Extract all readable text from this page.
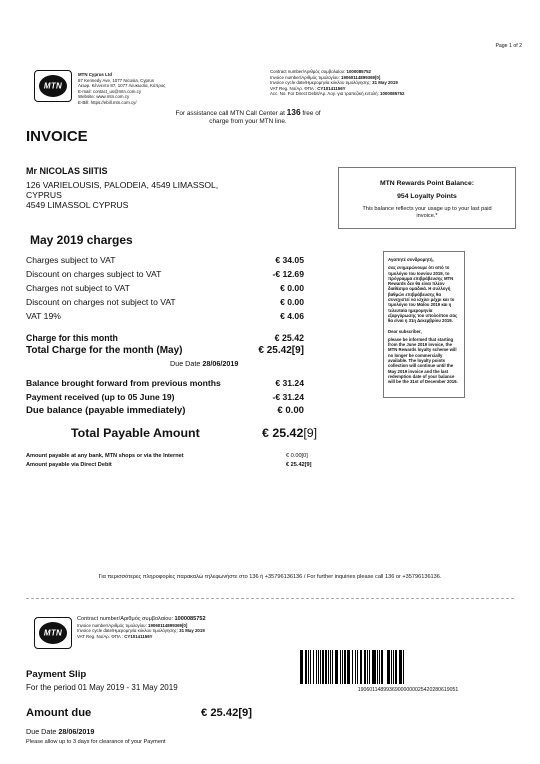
Page 1 of 2
MTN
MTN Cyprus Ltd
87 Kennedy Ave, 1077 Nicosia, Cyprus
Λεωφ. Κέννεντυ 87, 1077 Λευκωσία, Κύπρος
E-mail: contact_us@mtn.com.cy
Website: www.mtn.com.cy
E-Bill: https://ebill.mtn.com.cy/
Contract number/Αριθμός συμβολαίου: 1000085752
Invoice number/Αριθμός τιμολογίου: 19060114899369[0]
Invoice cycle date/Ημερομηνία κύκλου τιμολόγησης: 31 May 2019
VAT Reg. No/Αρ. ΦΠΑ : CY10141156Y
Acc. No. For Direct Debit/Αρ. Λογ. για τραπεζική εντολή: 1000085752
For assistance call MTN Call Center at 136 free of charge from your MTN line.
INVOICE
Mr NICOLAS SIITIS
126 VARIELOUSIS, PALODEIA, 4549 LIMASSOL,
CYPRUS
4549 LIMASSOL CYPRUS
MTN Rewards Point Balance:
954 Loyalty Points
This balance reflects your usage up to your last paid invoice.*
May 2019 charges
Charges subject to VAT	€ 34.05
Discount on charges subject to VAT	-€ 12.69
Charges not subject to VAT	€ 0.00
Discount on charges not subject to VAT	€ 0.00
VAT 19%	€ 4.06
Charge for this month	€ 25.42
Total Charge for the month (May)	€ 25.42[9]
Due Date 28/06/2019
Balance brought forward from previous months	€ 31.24
Payment received (up to 05 June 19)	-€ 31.24
Due balance (payable immediately)	€ 0.00
Total Payable Amount	€ 25.42[9]
Amount payable at any bank, MTN shops or via the Internet	€ 0.00[0]
Amount payable via Direct Debit	€ 25.42[9]
Αγαπητέ συνδρομητή,
σας ενημερώνουμε ότι από το τιμολόγιο του Ιουνίου 2019, το πρόγραμμα επιβράβευσης MTN Rewards δεν θα είναι πλέον διαθέσιμο ομαδικά. Η συλλογή βαθμών επιβράβευσης θα συνεχιστεί να ισχύει μέχρι και το τιμολόγιο του Μαΐου 2019 και η τελευταία ημερομηνία εξαργύρωσης του υπολοίπου σας θα είναι η 31η Δεκεμβρίου 2019.
Dear subscriber,
please be informed that starting from the June 2019 invoice, the MTN Rewards loyalty scheme will no longer be commercially available. The loyalty points collection will continue until the May 2019 invoice and the last redemption date of your balance will be the 31st of December 2019.
Για περισσότερες πληροφορίες παρακαλώ τηλεφωνήστε στο 136 ή +35796136136 / For further inquiries please call 136 or +35796136136.
MTN
Contract number/Αριθμός συμβολαίου: 1000085752
Invoice number/Αριθμός τιμολογίου: 19060114899369[0]
Invoice cycle date/Ημερομηνία κύκλου τιμολόγησης: 31 May 2019
VAT Reg. No/Αρ. ΦΠΑ : CY10141156Y
Payment Slip
For the period 01 May 2019 - 31 May 2019	19060114899369000000025420280619051
Amount due	€ 25.42[9]
Due Date 28/06/2019
Please allow up to 3 days for clearance of your Payment
